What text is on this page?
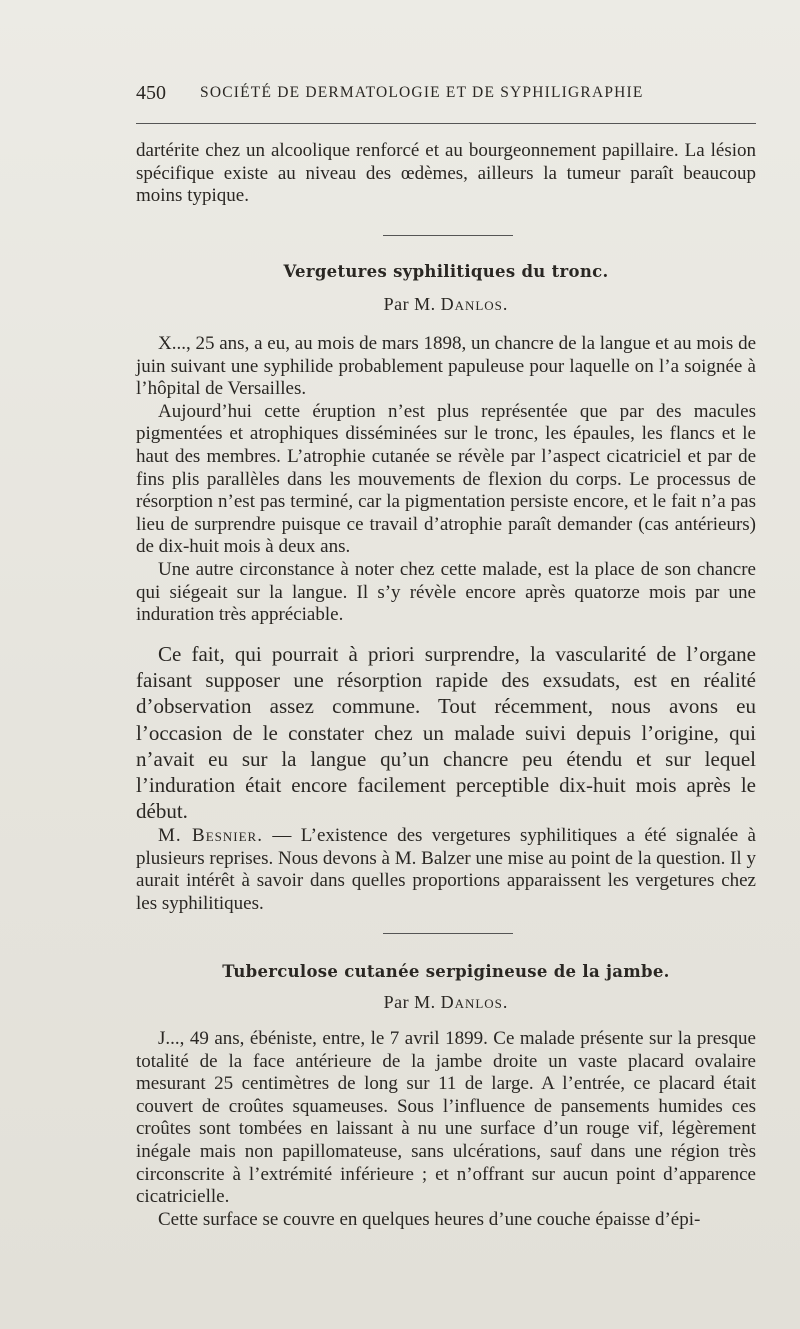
450 SOCIÉTÉ DE DERMATOLOGIE ET DE SYPHILIGRAPHIE

dartérite chez un alcoolique renforcé et au bourgeonnement papillaire. La lésion spécifique existe au niveau des œdèmes, ailleurs la tumeur paraît beaucoup moins typique.

Vergetures syphilitiques du tronc.
Par M. Danlos.

X..., 25 ans, a eu, au mois de mars 1898, un chancre de la langue et au mois de juin suivant une syphilide probablement papuleuse pour laquelle on l’a soignée à l’hôpital de Versailles.

Aujourd’hui cette éruption n’est plus représentée que par des macules pigmentées et atrophiques disséminées sur le tronc, les épaules, les flancs et le haut des membres. L’atrophie cutanée se révèle par l’aspect cicatriciel et par de fins plis parallèles dans les mouvements de flexion du corps. Le processus de résorption n’est pas terminé, car la pigmentation persiste encore, et le fait n’a pas lieu de surprendre puisque ce travail d’atrophie paraît demander (cas antérieurs) de dix-huit mois à deux ans.

Une autre circonstance à noter chez cette malade, est la place de son chancre qui siégeait sur la langue. Il s’y révèle encore après quatorze mois par une induration très appréciable.

Ce fait, qui pourrait à priori surprendre, la vascularité de l’organe faisant supposer une résorption rapide des exsudats, est en réalité d’observation assez commune. Tout récemment, nous avons eu l’occasion de le constater chez un malade suivi depuis l’origine, qui n’avait eu sur la langue qu’un chancre peu étendu et sur lequel l’induration était encore facilement perceptible dix-huit mois après le début.

M. Besnier. — L’existence des vergetures syphilitiques a été signalée à plusieurs reprises. Nous devons à M. Balzer une mise au point de la question. Il y aurait intérêt à savoir dans quelles proportions apparaissent les vergetures chez les syphilitiques.

Tuberculose cutanée serpigineuse de la jambe.
Par M. Danlos.

J..., 49 ans, ébéniste, entre, le 7 avril 1899. Ce malade présente sur la presque totalité de la face antérieure de la jambe droite un vaste placard ovalaire mesurant 25 centimètres de long sur 11 de large. A l’entrée, ce placard était couvert de croûtes squameuses. Sous l’influence de pansements humides ces croûtes sont tombées en laissant à nu une surface d’un rouge vif, légèrement inégale mais non papillomateuse, sans ulcérations, sauf dans une région très circonscrite à l’extrémité inférieure ; et n’offrant sur aucun point d’apparence cicatricielle.

Cette surface se couvre en quelques heures d’une couche épaisse d’épi-
